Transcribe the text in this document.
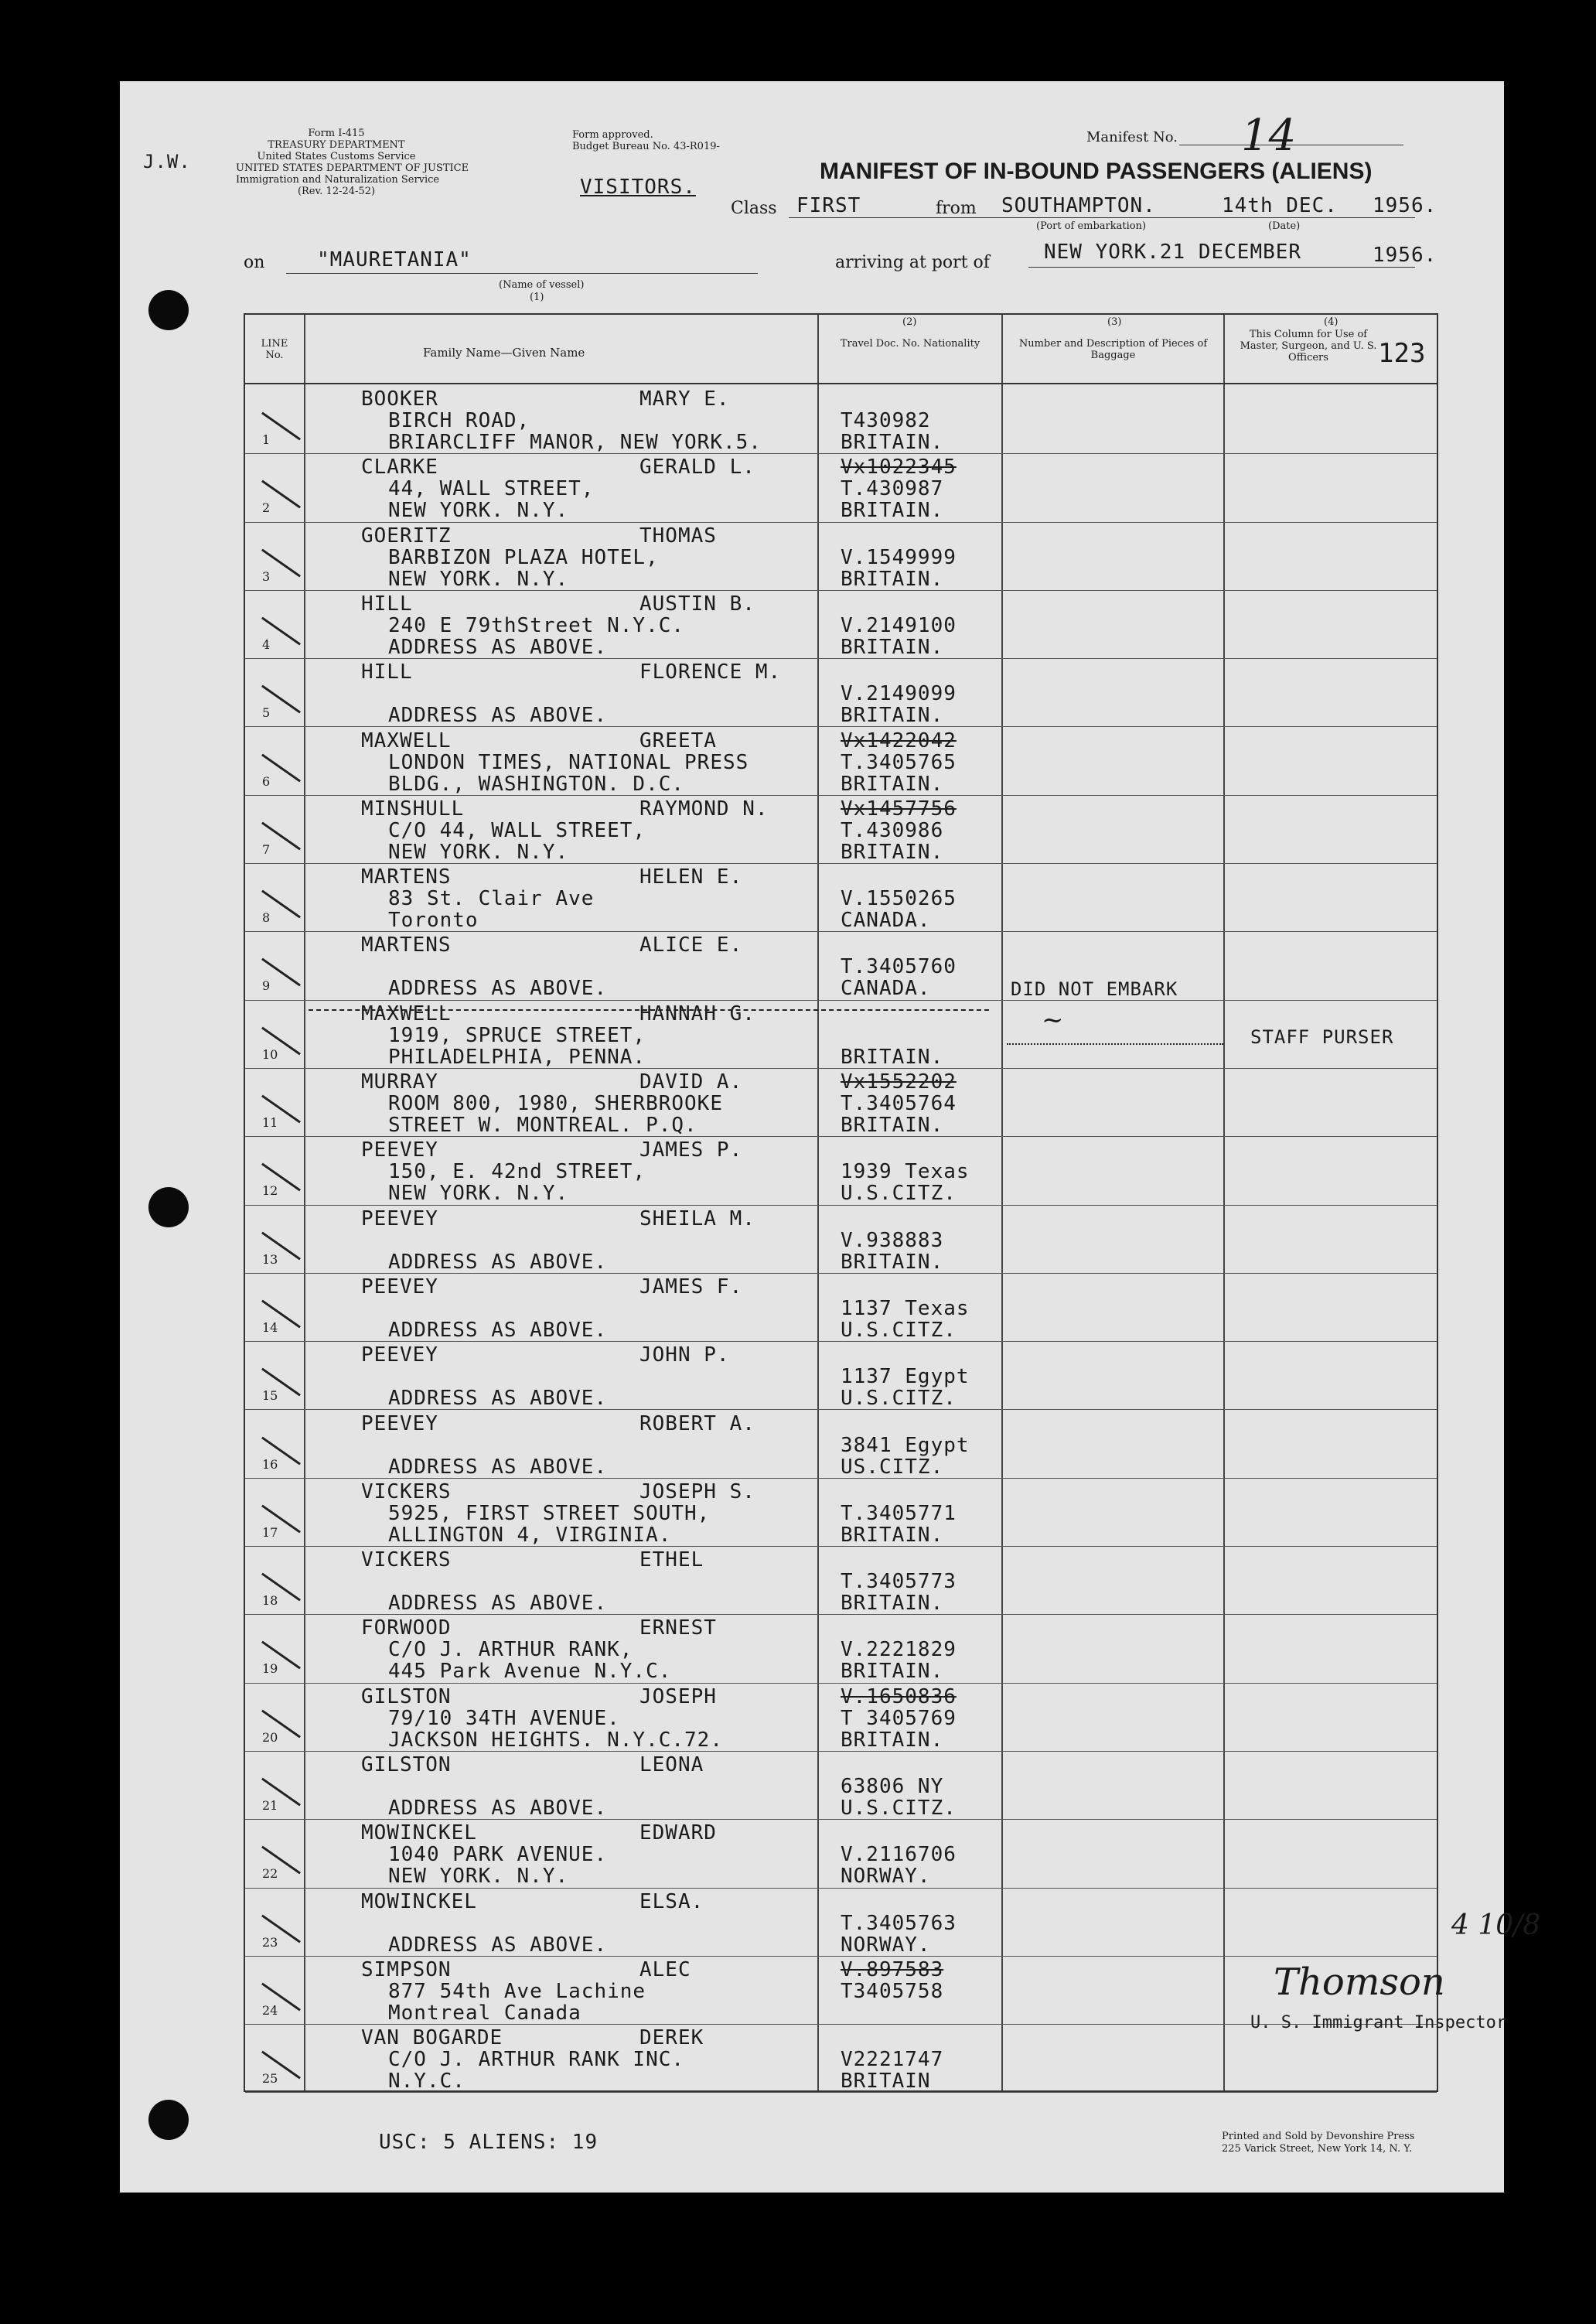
J.W.
Form I-415
TREASURY DEPARTMENT
United States Customs Service
UNITED STATES DEPARTMENT OF JUSTICE
Immigration and Naturalization Service
(Rev. 12-24-52)
Form approved.
Budget Bureau No. 43-R019-
VISITORS.
Manifest No. 14
MANIFEST OF IN-BOUND PASSENGERS (ALIENS)
Class FIRST	from SOUTHAMPTON.
(Port of embarkation)
14th DEC.
(Date)
1956.
on	"MAURETANIA"
(Name of vessel)
(1)
arriving at port of	NEW YORK.21 DECEMBER	1956.
LINE No.	Family Name—Given Name
Travel Doc. No. Nationality
(2)
Number and Description of Pieces of Baggage
(3)
This Column for Use of Master, Surgeon, and U. S. Officers
(4)
123
1
BOOKER	MARY E.
BIRCH ROAD,
BRIARCLIFF MANOR, NEW YORK.5.
T430982
BRITAIN.
2
CLARKE	GERALD L.
44, WALL STREET,
NEW YORK. N.Y.
Vx1022345
T.430987
BRITAIN.
3
GOERITZ	THOMAS
BARBIZON PLAZA HOTEL,
NEW YORK. N.Y.
V.1549999
BRITAIN.
4
HILL	AUSTIN B.
240 E 79thStreet N.Y.C.
ADDRESS AS ABOVE.
V.2149100
BRITAIN.
5
HILL	FLORENCE M.
ADDRESS AS ABOVE.
V.2149099
BRITAIN.
6
MAXWELL	GREETA
LONDON TIMES, NATIONAL PRESS
BLDG., WASHINGTON. D.C.
Vx1422042
T.3405765
BRITAIN.
7
MINSHULL	RAYMOND N.
C/O 44, WALL STREET,
NEW YORK. N.Y.
Vx1457756
T.430986
BRITAIN.
8
MARTENS	HELEN E.
83 St. Clair Ave
Toronto
V.1550265
CANADA.
9
MARTENS	ALICE E.
ADDRESS AS ABOVE.
T.3405760
CANADA.
10
MAXWELL	HANNAH G.
1919, SPRUCE STREET,
PHILADELPHIA, PENNA.	BRITAIN.
11
MURRAY	DAVID A.
ROOM 800, 1980, SHERBROOKE
STREET W. MONTREAL. P.Q.
Vx1552202
T.3405764
BRITAIN.
12
PEEVEY	JAMES P.
150, E. 42nd STREET,
NEW YORK. N.Y.
1939 Texas
U.S.CITZ.
13
PEEVEY	SHEILA M.
ADDRESS AS ABOVE.
V.938883
BRITAIN.
14
PEEVEY	JAMES F.
ADDRESS AS ABOVE.
1137 Texas
U.S.CITZ.
15
PEEVEY	JOHN P.
ADDRESS AS ABOVE.
1137 Egypt
U.S.CITZ.
16
PEEVEY	ROBERT A.
ADDRESS AS ABOVE.
3841 Egypt
US.CITZ.
17
VICKERS	JOSEPH S.
5925, FIRST STREET SOUTH,
ALLINGTON 4, VIRGINIA.
T.3405771
BRITAIN.
18
VICKERS	ETHEL
ADDRESS AS ABOVE.
T.3405773
BRITAIN.
19
FORWOOD	ERNEST
C/O J. ARTHUR RANK,
445 Park Avenue N.Y.C.
V.2221829
BRITAIN.
20
GILSTON	JOSEPH
79/10 34TH AVENUE.
JACKSON HEIGHTS. N.Y.C.72.
V.1650836
T 3405769
BRITAIN.
21
GILSTON	LEONA
ADDRESS AS ABOVE.
63806 NY
U.S.CITZ.
22
MOWINCKEL	EDWARD
1040 PARK AVENUE.
NEW YORK. N.Y.
V.2116706
NORWAY.
23
MOWINCKEL	ELSA.
ADDRESS AS ABOVE.
T.3405763
NORWAY.
24
SIMPSON	ALEC
877 54th Ave Lachine
Montreal Canada
V.897583
T3405758
25
VAN BOGARDE	DEREK
C/O J. ARTHUR RANK INC.
N.Y.C.
V2221747
BRITAIN
DID NOT EMBARK
~
STAFF PURSER
4 10/8
Thomson
U. S. Immigrant Inspector
USC: 5 ALIENS: 19	Printed and Sold by Devonshire Press
225 Varick Street, New York 14, N. Y.
